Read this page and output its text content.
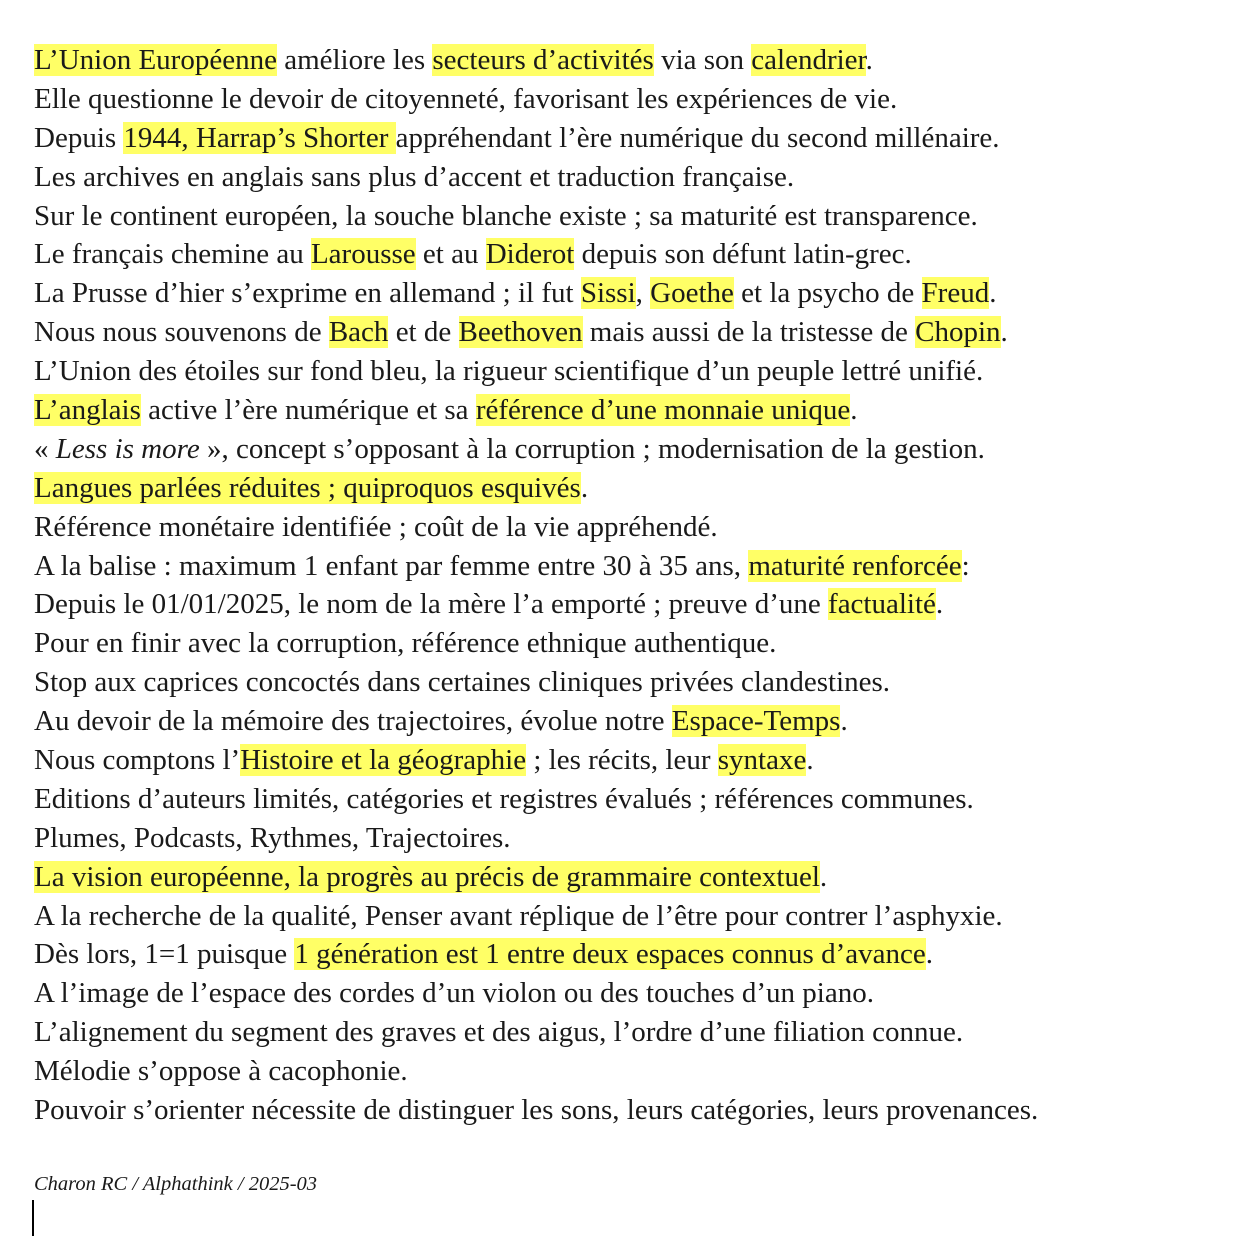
L’Union Européenne améliore les secteurs d’activités via son calendrier.
Elle questionne le devoir de citoyenneté, favorisant les expériences de vie.
Depuis 1944, Harrap’s Shorter appréhendant l’ère numérique du second millénaire.
Les archives en anglais sans plus d’accent et traduction française.
Sur le continent européen, la souche blanche existe ; sa maturité est transparence.
Le français chemine au Larousse et au Diderot depuis son défunt latin-grec.
La Prusse d’hier s’exprime en allemand ; il fut Sissi, Goethe et la psycho de Freud.
Nous nous souvenons de Bach et de Beethoven mais aussi de la tristesse de Chopin.
L’Union des étoiles sur fond bleu, la rigueur scientifique d’un peuple lettré unifié.
L’anglais active l’ère numérique et sa référence d’une monnaie unique.
« Less is more », concept s’opposant à la corruption ; modernisation de la gestion.
Langues parlées réduites ; quiproquos esquivés.
Référence monétaire identifiée ; coût de la vie appréhendé.
A la balise : maximum 1 enfant par femme entre 30 à 35 ans, maturité renforcée:
Depuis le 01/01/2025, le nom de la mère l’a emporté ; preuve d’une factualité.
Pour en finir avec la corruption, référence ethnique authentique.
Stop aux caprices concoctés dans certaines cliniques privées clandestines.
Au devoir de la mémoire des trajectoires, évolue notre Espace-Temps.
Nous comptons l’Histoire et la géographie ; les récits, leur syntaxe.
Editions d’auteurs limités, catégories et registres évalués ; références communes.
Plumes, Podcasts, Rythmes, Trajectoires.
La vision européenne, la progrès au précis de grammaire contextuel.
A la recherche de la qualité, Penser avant réplique de l’être pour contrer l’asphyxie.
Dès lors, 1=1 puisque 1 génération est 1 entre deux espaces connus d’avance.
A l’image de l’espace des cordes d’un violon ou des touches d’un piano.
L’alignement du segment des graves et des aigus, l’ordre d’une filiation connue.
Mélodie s’oppose à cacophonie.
Pouvoir s’orienter nécessite de distinguer les sons, leurs catégories, leurs provenances.
Charon RC / Alphathink / 2025-03
